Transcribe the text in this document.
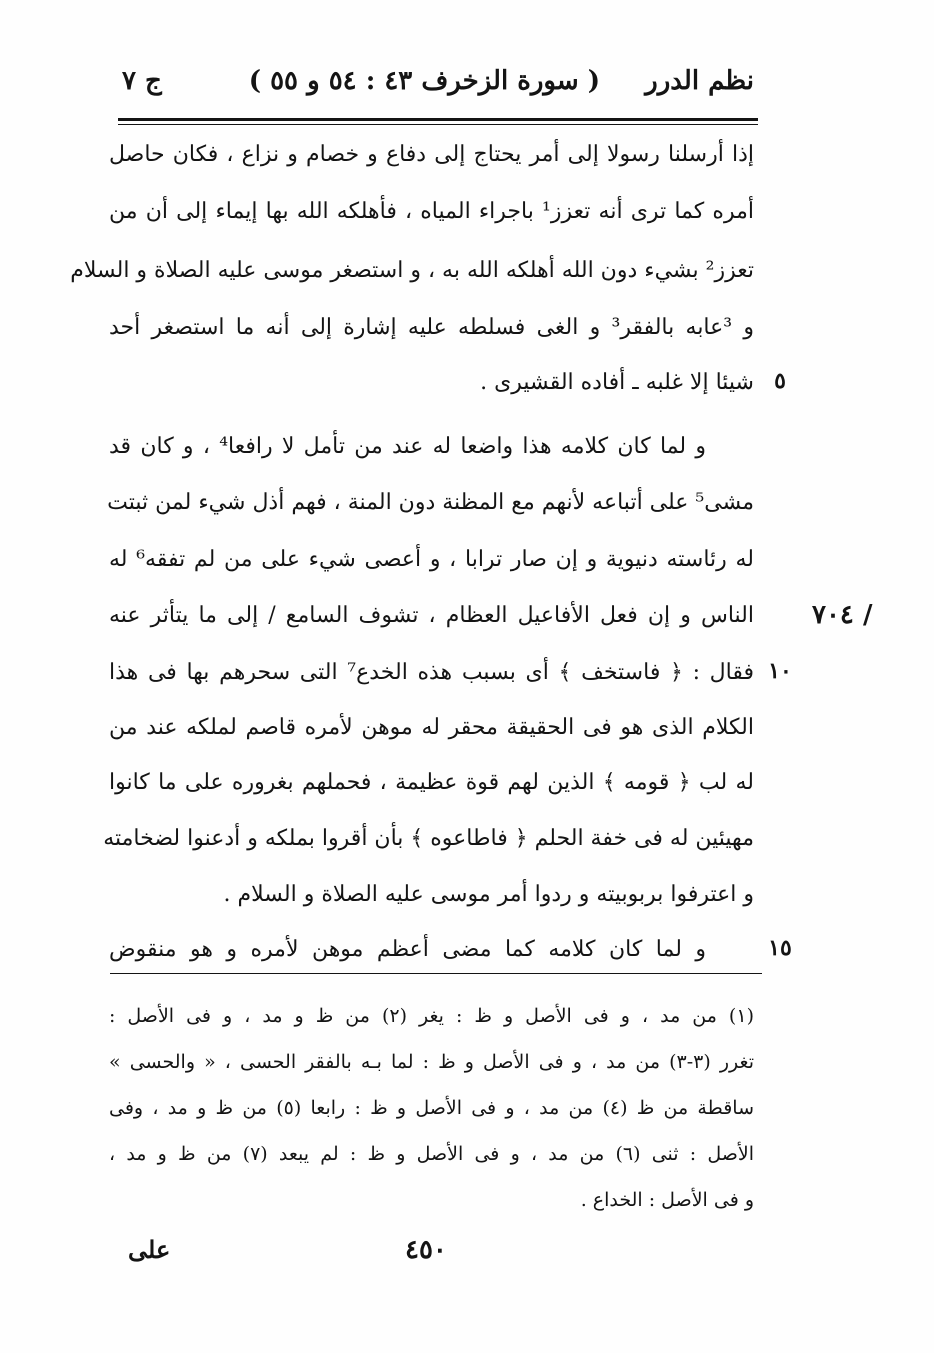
نظم الدرر
( سورة الزخرف ٤٣ : ٥٤ و ٥٥ )
ج ٧
إذا أرسلنا رسولا إلى أمر يحتاج إلى دفاع و خصام و نزاع ، فكان حاصل
أمره كما ترى أنه تعزز¹ باجراء المياه ، فأهلكه الله بها إيماء إلى أن من
تعزز² بشيء دون الله أهلكه الله به ، و استصغر موسى عليه الصلاة و السلام
و ³عابه بالفقر³ و الغى فسلطه عليه إشارة إلى أنه ما استصغر أحد
شيئا إلا غلبه ـ أفاده القشيرى .
و لما كان كلامه هذا واضعا له عند من تأمل لا رافعا⁴ ، و كان قد
مشى⁵ على أتباعه لأنهم مع المظنة دون المنة ، فهم أذل شيء لمن ثبتت
له رئاسته دنيوية و إن صار ترابا ، و أعصى شيء على من لم تفقه⁶ له
الناس و إن فعل الأفاعيل العظام ، تشوف السامع / إلى ما يتأثر عنه
فقال : ﴿ فاستخف ﴾ أى بسبب هذه الخدع⁷ التى سحرهم بها فى هذا
الكلام الذى هو فى الحقيقة محقر له موهن لأمره قاصم لملكه عند من
له لب ﴿ قومه ﴾ الذين لهم قوة عظيمة ، فحملهم بغروره على ما كانوا
مهيئين له فى خفة الحلم ﴿ فاطاعوه ﴾ بأن أقروا بملكه و أدعنوا لضخامته
و اعترفوا بربوبيته و ردوا أمر موسى عليه الصلاة و السلام .
و لما كان كلامه كما مضى أعظم موهن لأمره و هو منقوض
٥
١٠
١٥
٧٠٤ /
(١) من مد ، و فى الأصل و ظ : يغر (٢) من ظ و مد ، و فى الأصل :
تغرر (٣-٣) من مد ، و فى الأصل و ظ : لما بـه بالفقر الحسى ، « والحسى »
ساقطة من ظ (٤) من مد ، و فى الأصل و ظ : رابعا (٥) من ظ و مد ، وفى
الأصل : ثنى (٦) من مد ، و فى الأصل و ظ : لم يبعد (٧) من ظ و مد ،
و فى الأصل : الخداع .
٤٥٠
على
